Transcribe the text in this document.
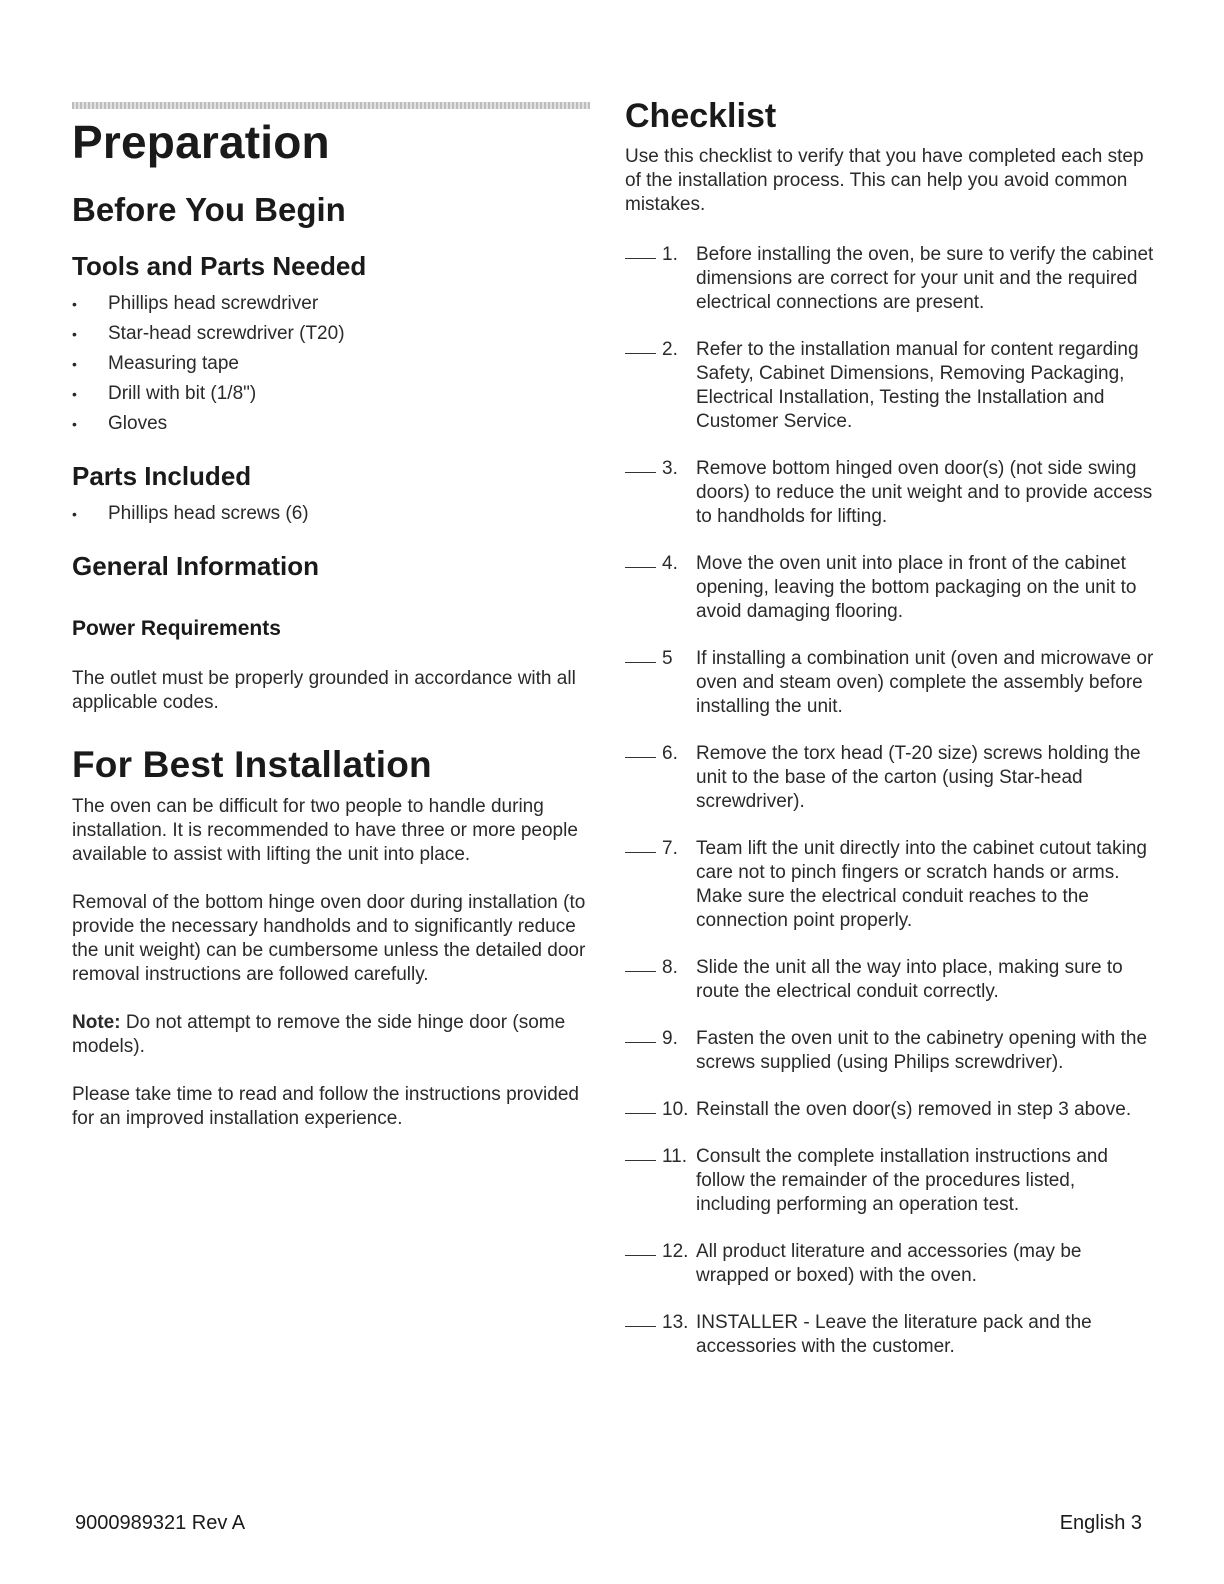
Preparation
Before You Begin
Tools and Parts Needed
• Phillips head screwdriver
• Star-head screwdriver (T20)
• Measuring tape
• Drill with bit (1/8")
• Gloves
Parts Included
• Phillips head screws (6)
General Information
Power Requirements

The outlet must be properly grounded in accordance with all applicable codes.

For Best Installation

The oven can be difficult for two people to handle during installation. It is recommended to have three or more people available to assist with lifting the unit into place.

Removal of the bottom hinge oven door during installation (to provide the necessary handholds and to significantly reduce the unit weight) can be cumbersome unless the detailed door removal instructions are followed carefully.

Note: Do not attempt to remove the side hinge door (some models).

Please take time to read and follow the instructions provided for an improved installation experience.

Checklist

Use this checklist to verify that you have completed each step of the installation process. This can help you avoid common mistakes.

1. Before installing the oven, be sure to verify the cabinet dimensions are correct for your unit and the required electrical connections are present.
2. Refer to the installation manual for content regarding Safety, Cabinet Dimensions, Removing Packaging, Electrical Installation, Testing the Installation and Customer Service.
3. Remove bottom hinged oven door(s) (not side swing doors) to reduce the unit weight and to provide access to handholds for lifting.
4. Move the oven unit into place in front of the cabinet opening, leaving the bottom packaging on the unit to avoid damaging flooring.
5 If installing a combination unit (oven and microwave or oven and steam oven) complete the assembly before installing the unit.
6. Remove the torx head (T-20 size) screws holding the unit to the base of the carton (using Star-head screwdriver).
7. Team lift the unit directly into the cabinet cutout taking care not to pinch fingers or scratch hands or arms. Make sure the electrical conduit reaches to the connection point properly.
8. Slide the unit all the way into place, making sure to route the electrical conduit correctly.
9. Fasten the oven unit to the cabinetry opening with the screws supplied (using Philips screwdriver).
10. Reinstall the oven door(s) removed in step 3 above.
11. Consult the complete installation instructions and follow the remainder of the procedures listed, including performing an operation test.
12. All product literature and accessories (may be wrapped or boxed) with the oven.
13. INSTALLER - Leave the literature pack and the accessories with the customer.
9000989321 Rev A	English 3
